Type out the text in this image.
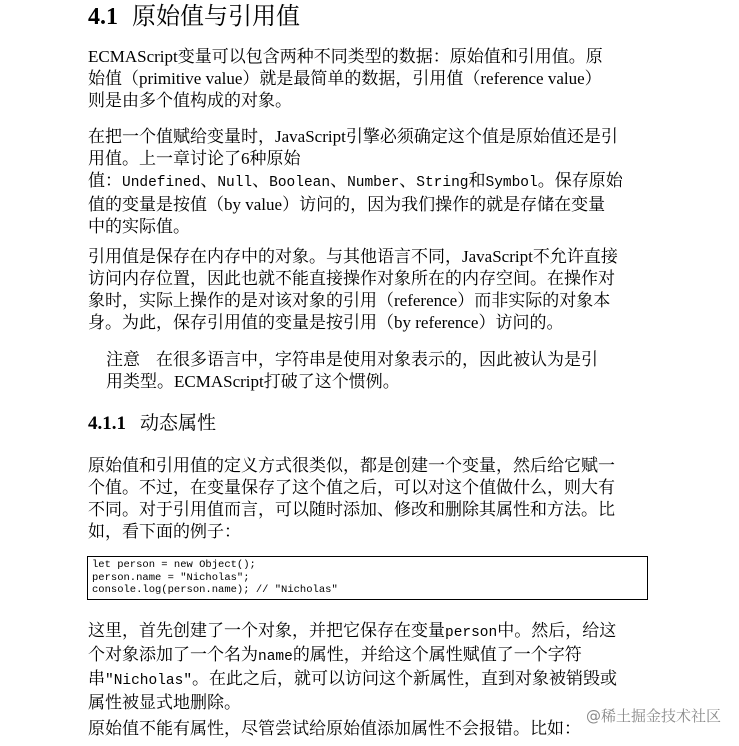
4.1 原始值与引用值
ECMAScript变量可以包含两种不同类型的数据：原始值和引用值。原
始值（primitive value）就是最简单的数据，引用值（reference value）
则是由多个值构成的对象。
在把一个值赋给变量时，JavaScript引擎必须确定这个值是原始值还是引
用值。上一章讨论了6种原始
值：Undefined、Null、Boolean、Number、String和Symbol。保存原始
值的变量是按值（by value）访问的，因为我们操作的就是存储在变量
中的实际值。
引用值是保存在内存中的对象。与其他语言不同，JavaScript不允许直接
访问内存位置，因此也就不能直接操作对象所在的内存空间。在操作对
象时，实际上操作的是对该对象的引用（reference）而非实际的对象本
身。为此，保存引用值的变量是按引用（by reference）访问的。
注意 在很多语言中，字符串是使用对象表示的，因此被认为是引
用类型。ECMAScript打破了这个惯例。
4.1.1 动态属性
原始值和引用值的定义方式很类似，都是创建一个变量，然后给它赋一
个值。不过，在变量保存了这个值之后，可以对这个值做什么，则大有
不同。对于引用值而言，可以随时添加、修改和删除其属性和方法。比
如，看下面的例子：
let person = new Object();
person.name = "Nicholas";
console.log(person.name); // "Nicholas"
这里，首先创建了一个对象，并把它保存在变量person中。然后，给这
个对象添加了一个名为name的属性，并给这个属性赋值了一个字符
串"Nicholas"。在此之后，就可以访问这个新属性，直到对象被销毁或
属性被显式地删除。
原始值不能有属性，尽管尝试给原始值添加属性不会报错。比如：
@稀土掘金技术社区
